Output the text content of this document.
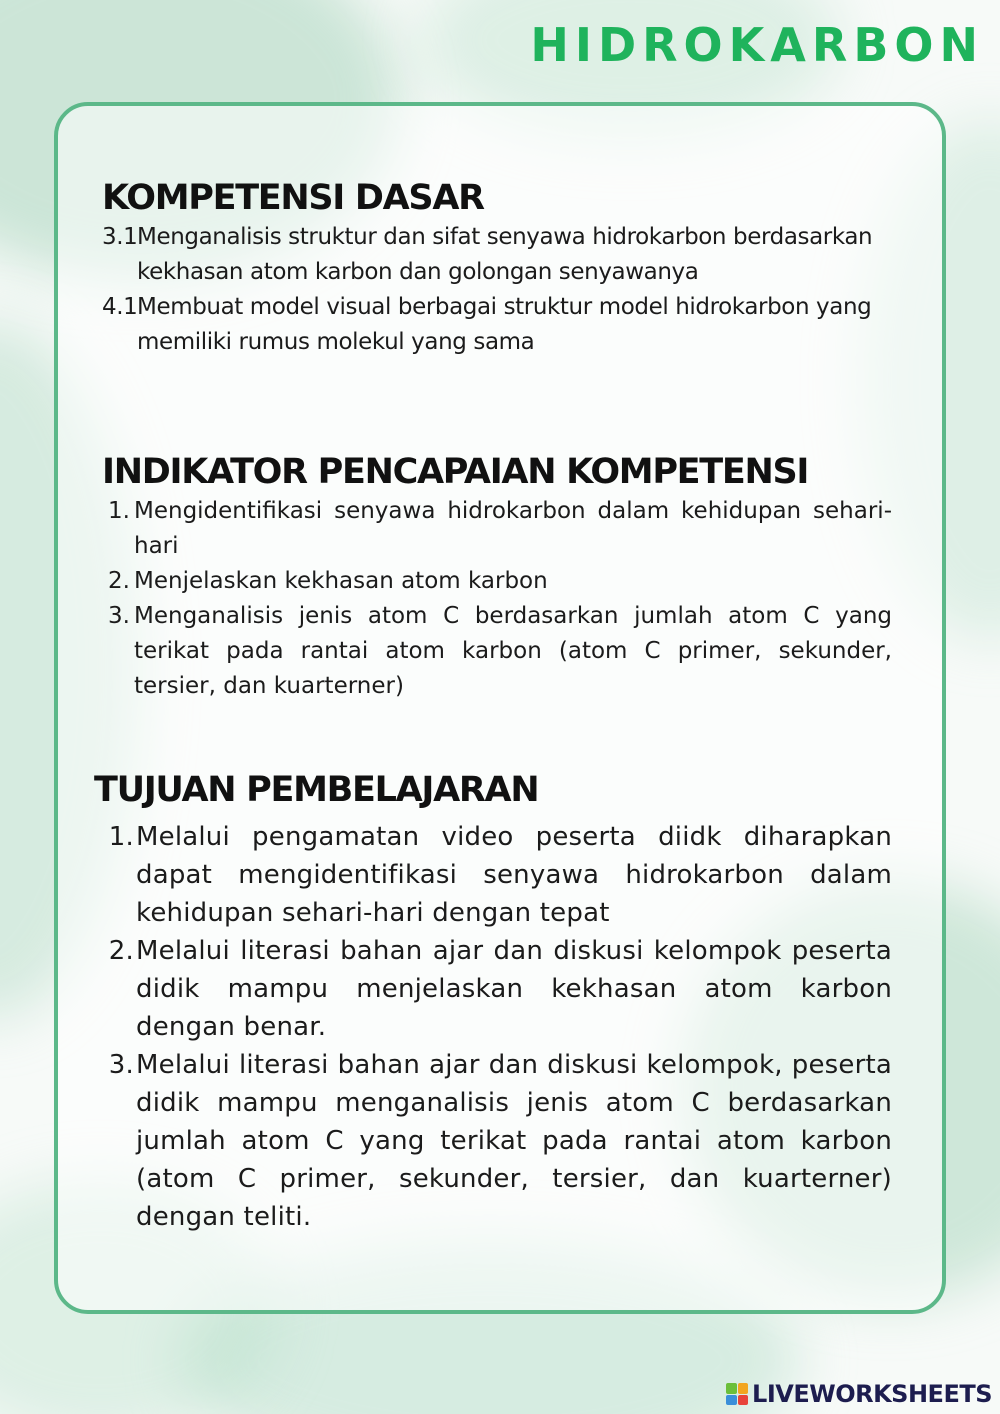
HIDROKARBON
KOMPETENSI DASAR
3.1 Menganalisis struktur dan sifat senyawa hidrokarbon berdasarkan kekhasan atom karbon dan golongan senyawanya
4.1 Membuat model visual berbagai struktur model hidrokarbon yang memiliki rumus molekul yang sama
INDIKATOR PENCAPAIAN KOMPETENSI
1. Mengidentifikasi senyawa hidrokarbon dalam kehidupan sehari-hari
2. Menjelaskan kekhasan atom karbon
3. Menganalisis jenis atom C berdasarkan jumlah atom C yang terikat pada rantai atom karbon (atom C primer, sekunder, tersier, dan kuarterner)
TUJUAN PEMBELAJARAN
1. Melalui pengamatan video peserta diidk diharapkan dapat mengidentifikasi senyawa hidrokarbon dalam kehidupan sehari-hari dengan tepat
2. Melalui literasi bahan ajar dan diskusi kelompok peserta didik mampu menjelaskan kekhasan atom karbon dengan benar.
3. Melalui literasi bahan ajar dan diskusi kelompok, peserta didik mampu menganalisis jenis atom C berdasarkan jumlah atom C yang terikat pada rantai atom karbon (atom C primer, sekunder, tersier, dan kuarterner) dengan teliti.
LIVEWORKSHEETS
